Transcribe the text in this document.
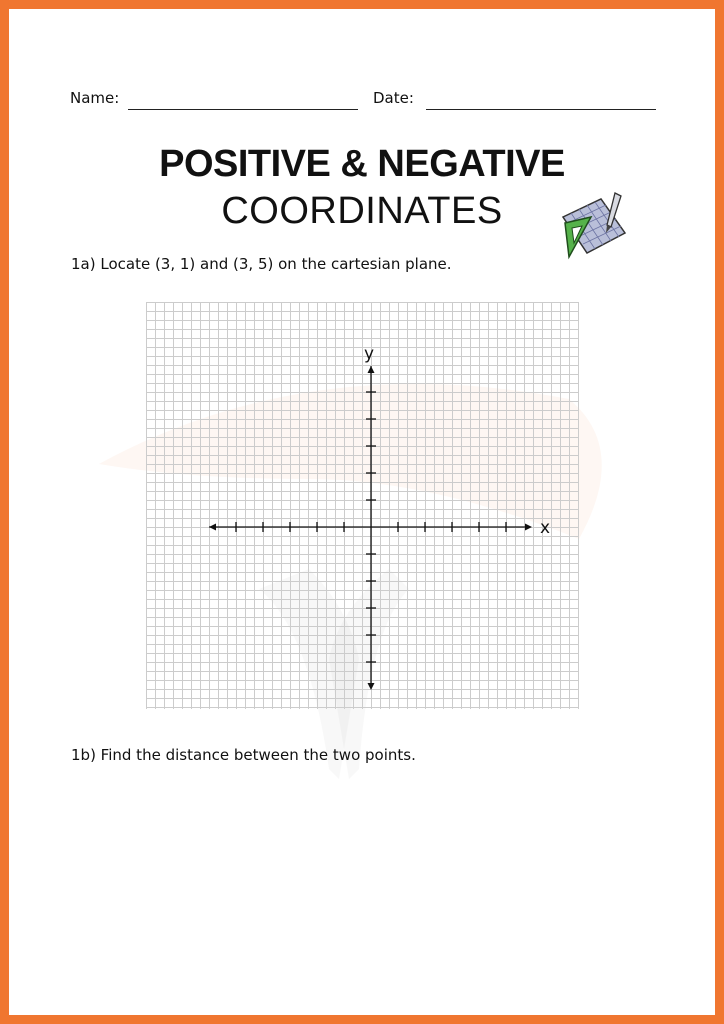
Name:	Date:
POSITIVE & NEGATIVE
COORDINATES
1a) Locate (3, 1) and (3, 5) on the cartesian plane.
x
y
1b) Find the distance between the two points.
